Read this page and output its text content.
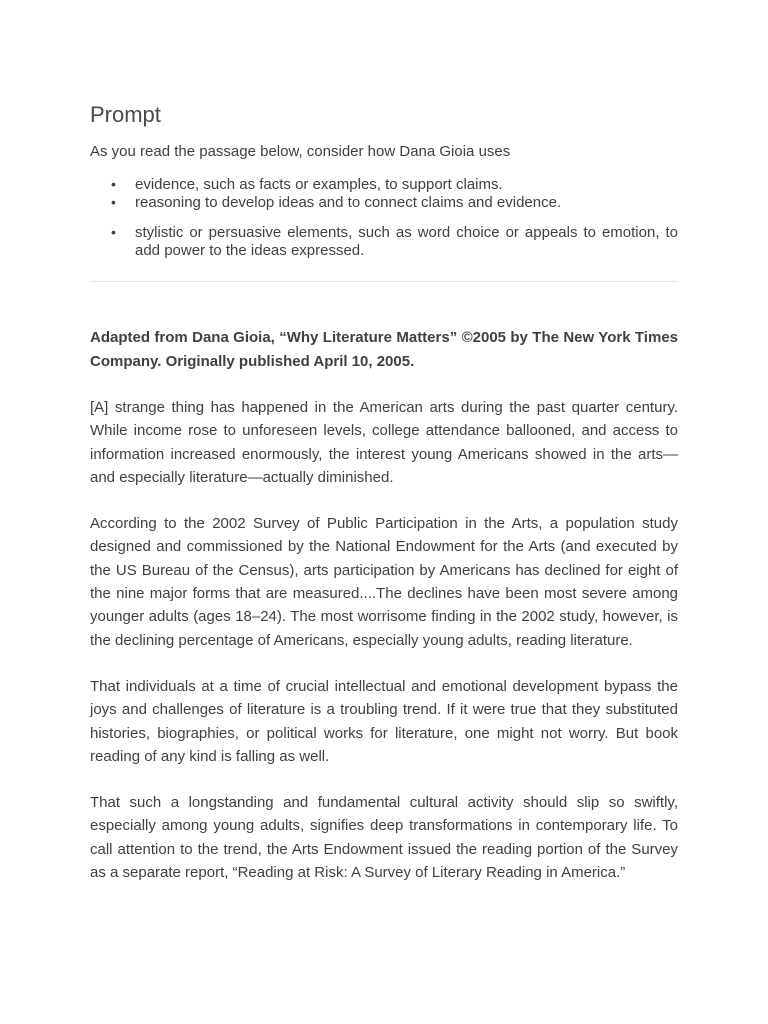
Prompt

As you read the passage below, consider how Dana Gioia uses

• evidence, such as facts or examples, to support claims.
• reasoning to develop ideas and to connect claims and evidence.
• stylistic or persuasive elements, such as word choice or appeals to emotion, to add power to the ideas expressed.

Adapted from Dana Gioia, “Why Literature Matters” ©2005 by The New York Times Company. Originally published April 10, 2005.

[A] strange thing has happened in the American arts during the past quarter century. While income rose to unforeseen levels, college attendance ballooned, and access to information increased enormously, the interest young Americans showed in the arts—and especially literature—actually diminished.

According to the 2002 Survey of Public Participation in the Arts, a population study designed and commissioned by the National Endowment for the Arts (and executed by the US Bureau of the Census), arts participation by Americans has declined for eight of the nine major forms that are measured....The declines have been most severe among younger adults (ages 18–24). The most worrisome finding in the 2002 study, however, is the declining percentage of Americans, especially young adults, reading literature.

That individuals at a time of crucial intellectual and emotional development bypass the joys and challenges of literature is a troubling trend. If it were true that they substituted histories, biographies, or political works for literature, one might not worry. But book reading of any kind is falling as well.

That such a longstanding and fundamental cultural activity should slip so swiftly, especially among young adults, signifies deep transformations in contemporary life. To call attention to the trend, the Arts Endowment issued the reading portion of the Survey as a separate report, “Reading at Risk: A Survey of Literary Reading in America.”
